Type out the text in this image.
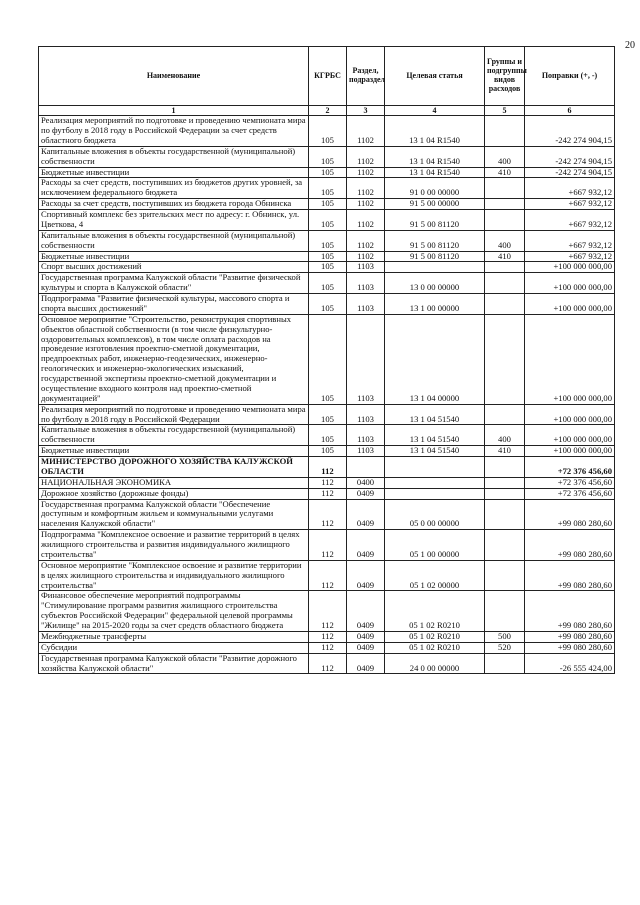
20
Наименование	КГРБС	Раздел, подраздел	Целевая статья	Группы и подгруппы видов расходов	Поправки (+, -)
1	2	3	4	5	6
Реализация мероприятий по подготовке и проведению чемпионата мира по футболу в 2018 году в Российской Федерации за счет средств областного бюджета	105	1102	13 1 04 R1540		-242 274 904,15
Капитальные вложения в объекты государственной (муниципальной) собственности	105	1102	13 1 04 R1540	400	-242 274 904,15
Бюджетные инвестиции	105	1102	13 1 04 R1540	410	-242 274 904,15
Расходы за счет средств, поступивших из бюджетов других уровней, за исключением федерального бюджета	105	1102	91 0 00 00000		+667 932,12
Расходы за счет средств, поступивших из бюджета города Обнинска	105	1102	91 5 00 00000		+667 932,12
Спортивный комплекс без зрительских мест по адресу: г. Обнинск, ул. Цветкова, 4	105	1102	91 5 00 81120		+667 932,12
Капитальные вложения в объекты государственной (муниципальной) собственности	105	1102	91 5 00 81120	400	+667 932,12
Бюджетные инвестиции	105	1102	91 5 00 81120	410	+667 932,12
Спорт высших достижений	105	1103			+100 000 000,00
Государственная программа Калужской области "Развитие физической культуры и спорта в Калужской области"	105	1103	13 0 00 00000		+100 000 000,00
Подпрограмма "Развитие физической культуры, массового спорта и спорта высших достижений"	105	1103	13 1 00 00000		+100 000 000,00
Основное мероприятие "Строительство, реконструкция спортивных объектов областной собственности (в том числе физкультурно-оздоровительных комплексов), в том числе оплата расходов на проведение изготовления проектно-сметной документации, предпроектных работ, инженерно-геодезических, инженерно-геологических и инженерно-экологических изысканий, государственной экспертизы проектно-сметной документации и осуществление входного контроля над проектно-сметной документацией"	105	1103	13 1 04 00000		+100 000 000,00
Реализация мероприятий по подготовке и проведению чемпионата мира по футболу в 2018 году в Российской Федерации	105	1103	13 1 04 51540		+100 000 000,00
Капитальные вложения в объекты государственной (муниципальной) собственности	105	1103	13 1 04 51540	400	+100 000 000,00
Бюджетные инвестиции	105	1103	13 1 04 51540	410	+100 000 000,00
МИНИСТЕРСТВО ДОРОЖНОГО ХОЗЯЙСТВА КАЛУЖСКОЙ ОБЛАСТИ	112				+72 376 456,60
НАЦИОНАЛЬНАЯ ЭКОНОМИКА	112	0400			+72 376 456,60
Дорожное хозяйство (дорожные фонды)	112	0409			+72 376 456,60
Государственная программа Калужской области "Обеспечение доступным и комфортным жильем и коммунальными услугами населения Калужской области"	112	0409	05 0 00 00000		+99 080 280,60
Подпрограмма "Комплексное освоение и развитие территорий в целях жилищного строительства и развития индивидуального жилищного строительства"	112	0409	05 1 00 00000		+99 080 280,60
Основное мероприятие "Комплексное освоение и развитие территории в целях жилищного строительства и индивидуального жилищного строительства"	112	0409	05 1 02 00000		+99 080 280,60
Финансовое обеспечение мероприятий подпрограммы "Стимулирование программ развития жилищного строительства субъектов Российской Федерации" федеральной целевой программы "Жилище" на 2015-2020 годы за счет средств областного бюджета	112	0409	05 1 02 R0210		+99 080 280,60
Межбюджетные трансферты	112	0409	05 1 02 R0210	500	+99 080 280,60
Субсидии	112	0409	05 1 02 R0210	520	+99 080 280,60
Государственная программа Калужской области "Развитие дорожного хозяйства Калужской области"	112	0409	24 0 00 00000		-26 555 424,00
